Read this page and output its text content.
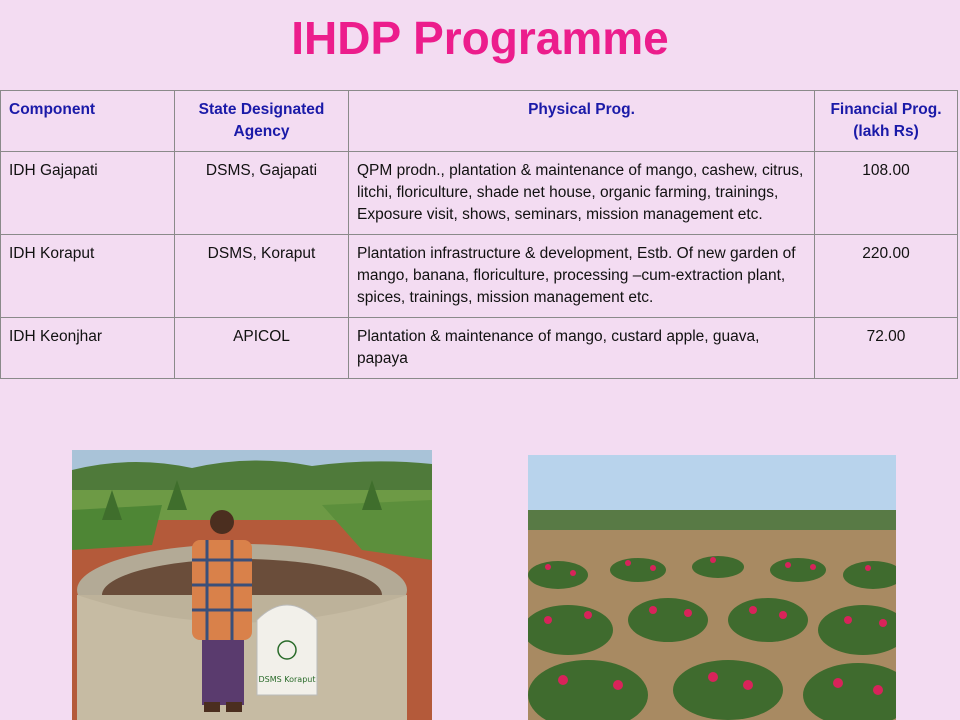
IHDP Programme
Component	State Designated Agency	Physical Prog.	Financial Prog. (lakh Rs)
IDH Gajapati	DSMS, Gajapati	QPM prodn., plantation & maintenance of mango, cashew, citrus, litchi, floriculture, shade net house, organic farming, trainings, Exposure visit, shows, seminars, mission management etc.	108.00
IDH Koraput	DSMS, Koraput	Plantation infrastructure & development, Estb. Of new garden of mango, banana, floriculture, processing –cum-extraction plant, spices, trainings, mission management etc.	220.00
IDH Keonjhar	APICOL	Plantation & maintenance of mango, custard apple, guava, papaya	72.00
DSMS Koraput
